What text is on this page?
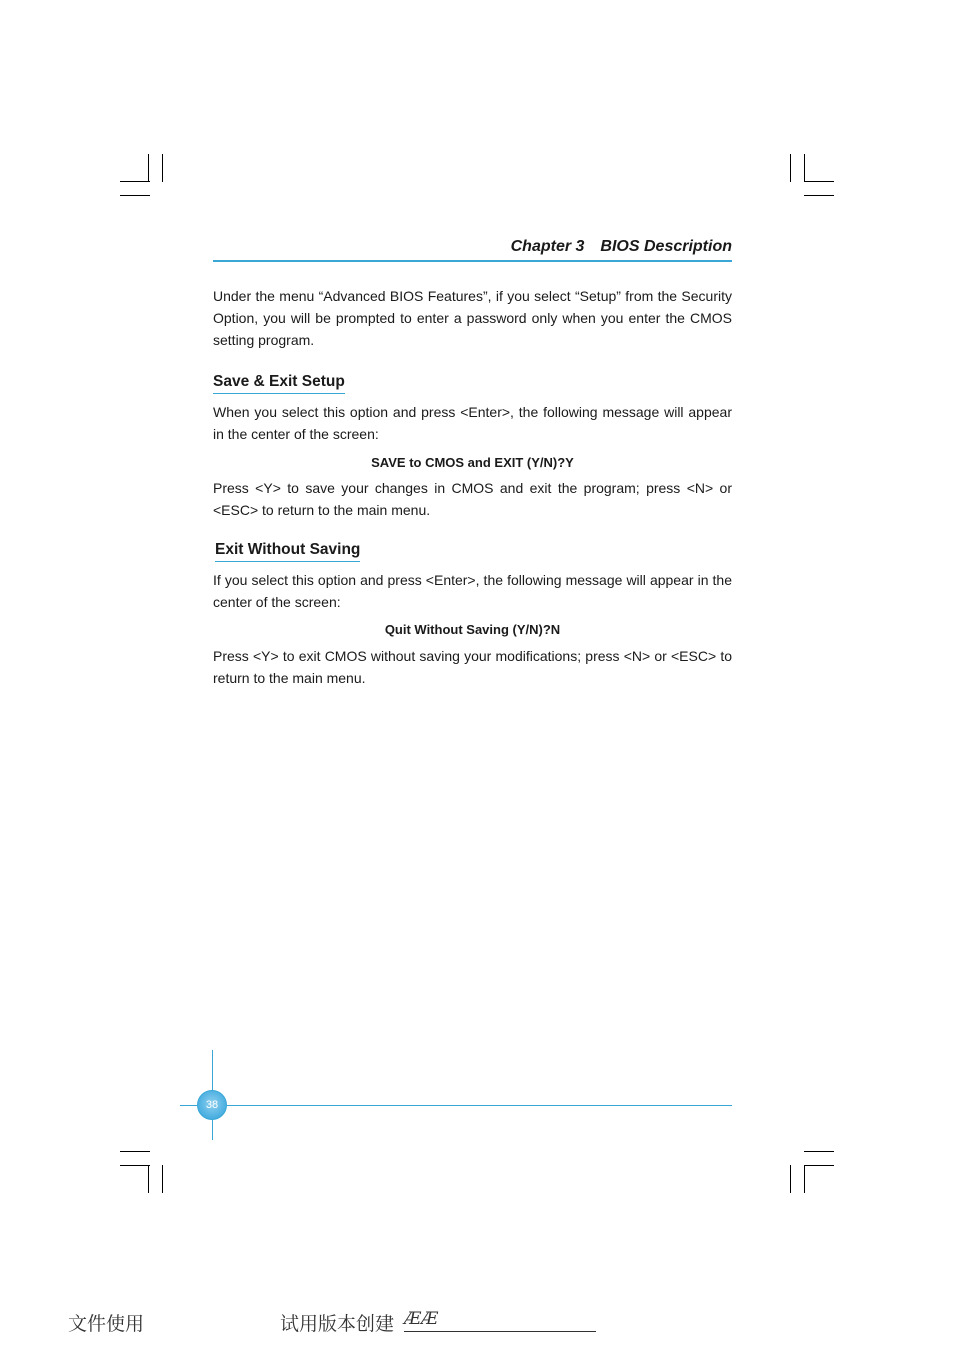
Chapter 3 BIOS Description

Under the menu “Advanced BIOS Features”, if you select “Setup” from the Security Option, you will be prompted to enter a password only when you enter the CMOS setting program.

Save & Exit Setup

When you select this option and press <Enter>, the following message will appear in the center of the screen:

SAVE to CMOS and EXIT (Y/N)?Y

Press <Y> to save your changes in CMOS and exit the program; press <N> or <ESC> to return to the main menu.

Exit Without Saving

If you select this option and press <Enter>, the following message will appear in the center of the screen:

Quit Without Saving (Y/N)?N

Press <Y> to exit CMOS without saving your modifications; press <N> or <ESC> to return to the main menu.

38
文件使用	试用版本创建 ÆÆ
